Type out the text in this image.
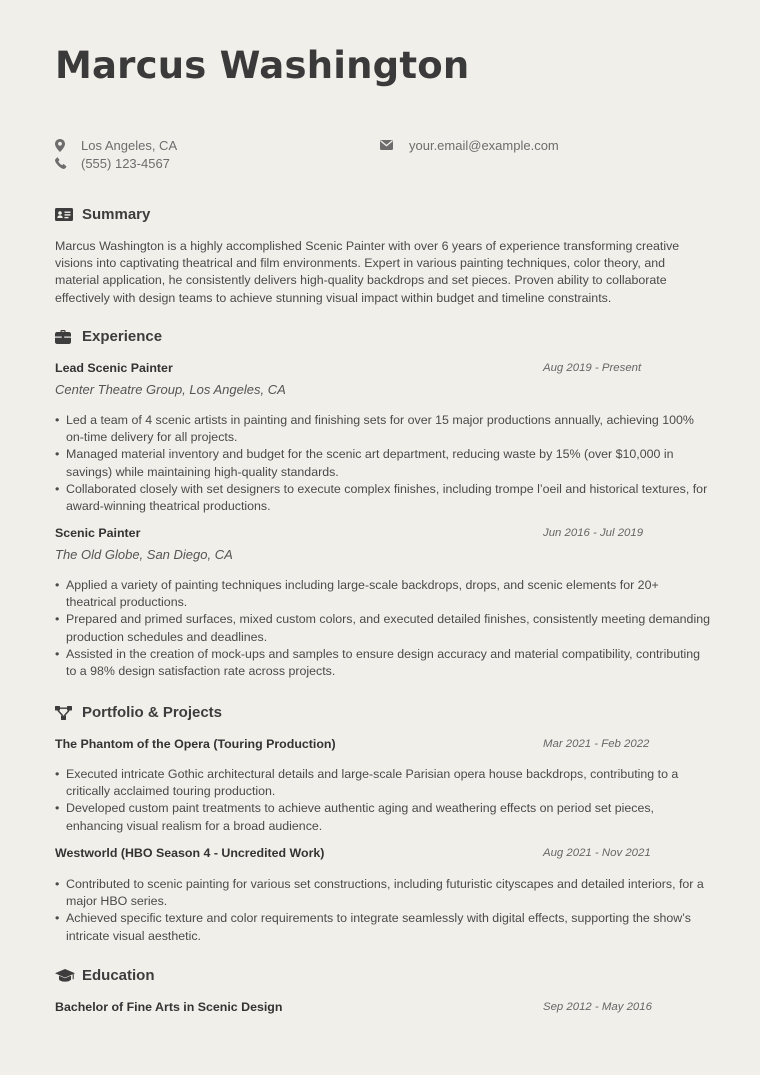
Marcus Washington
Los Angeles, CA
(555) 123-4567
your.email@example.com
Summary
Marcus Washington is a highly accomplished Scenic Painter with over 6 years of experience transforming creative visions into captivating theatrical and film environments. Expert in various painting techniques, color theory, and material application, he consistently delivers high-quality backdrops and set pieces. Proven ability to collaborate effectively with design teams to achieve stunning visual impact within budget and timeline constraints.
Experience
Lead Scenic Painter	Aug 2019 - Present
Center Theatre Group, Los Angeles, CA
• Led a team of 4 scenic artists in painting and finishing sets for over 15 major productions annually, achieving 100% on-time delivery for all projects.
• Managed material inventory and budget for the scenic art department, reducing waste by 15% (over $10,000 in savings) while maintaining high-quality standards.
• Collaborated closely with set designers to execute complex finishes, including trompe l’oeil and historical textures, for award-winning theatrical productions.
Scenic Painter	Jun 2016 - Jul 2019
The Old Globe, San Diego, CA
• Applied a variety of painting techniques including large-scale backdrops, drops, and scenic elements for 20+ theatrical productions.
• Prepared and primed surfaces, mixed custom colors, and executed detailed finishes, consistently meeting demanding production schedules and deadlines.
• Assisted in the creation of mock-ups and samples to ensure design accuracy and material compatibility, contributing to a 98% design satisfaction rate across projects.
Portfolio & Projects
The Phantom of the Opera (Touring Production)	Mar 2021 - Feb 2022
• Executed intricate Gothic architectural details and large-scale Parisian opera house backdrops, contributing to a critically acclaimed touring production.
• Developed custom paint treatments to achieve authentic aging and weathering effects on period set pieces, enhancing visual realism for a broad audience.
Westworld (HBO Season 4 - Uncredited Work)	Aug 2021 - Nov 2021
• Contributed to scenic painting for various set constructions, including futuristic cityscapes and detailed interiors, for a major HBO series.
• Achieved specific texture and color requirements to integrate seamlessly with digital effects, supporting the show’s intricate visual aesthetic.
Education
Bachelor of Fine Arts in Scenic Design	Sep 2012 - May 2016
